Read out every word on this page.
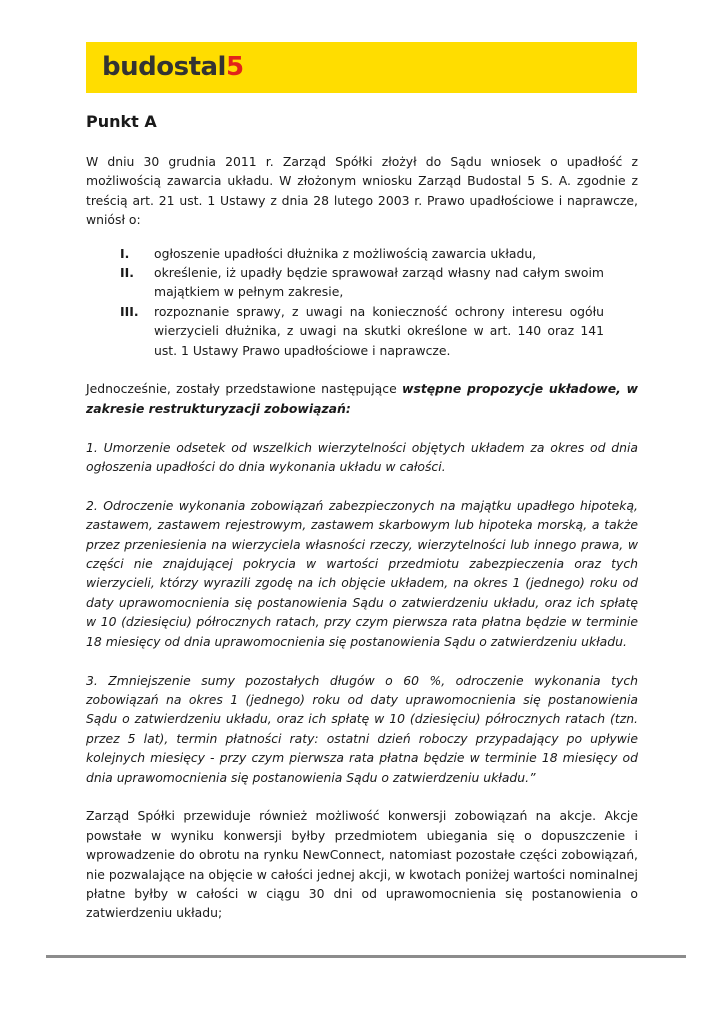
budostal5
Punkt A

W dniu 30 grudnia 2011 r. Zarząd Spółki złożył do Sądu wniosek o upadłość z możliwością zawarcia układu. W złożonym wniosku Zarząd Budostal 5 S. A. zgodnie z treścią art. 21 ust. 1 Ustawy z dnia 28 lutego 2003 r. Prawo upadłościowe i naprawcze, wniósł o:

I. ogłoszenie upadłości dłużnika z możliwością zawarcia układu,
II. określenie, iż upadły będzie sprawował zarząd własny nad całym swoim majątkiem w pełnym zakresie,
III. rozpoznanie sprawy, z uwagi na konieczność ochrony interesu ogółu wierzycieli dłużnika, z uwagi na skutki określone w art. 140 oraz 141 ust. 1 Ustawy Prawo upadłościowe i naprawcze.

Jednocześnie, zostały przedstawione następujące wstępne propozycje układowe, w zakresie restrukturyzacji zobowiązań:

1. Umorzenie odsetek od wszelkich wierzytelności objętych układem za okres od dnia ogłoszenia upadłości do dnia wykonania układu w całości.

2. Odroczenie wykonania zobowiązań zabezpieczonych na majątku upadłego hipoteką, zastawem, zastawem rejestrowym, zastawem skarbowym lub hipoteka morską, a także przez przeniesienia na wierzyciela własności rzeczy, wierzytelności lub innego prawa, w części nie znajdującej pokrycia w wartości przedmiotu zabezpieczenia oraz tych wierzycieli, którzy wyrazili zgodę na ich objęcie układem, na okres 1 (jednego) roku od daty uprawomocnienia się postanowienia Sądu o zatwierdzeniu układu, oraz ich spłatę w 10 (dziesięciu) półrocznych ratach, przy czym pierwsza rata płatna będzie w terminie 18 miesięcy od dnia uprawomocnienia się postanowienia Sądu o zatwierdzeniu układu.

3. Zmniejszenie sumy pozostałych długów o 60 %, odroczenie wykonania tych zobowiązań na okres 1 (jednego) roku od daty uprawomocnienia się postanowienia Sądu o zatwierdzeniu układu, oraz ich spłatę w 10 (dziesięciu) półrocznych ratach (tzn. przez 5 lat), termin płatności raty: ostatni dzień roboczy przypadający po upływie kolejnych miesięcy - przy czym pierwsza rata płatna będzie w terminie 18 miesięcy od dnia uprawomocnienia się postanowienia Sądu o zatwierdzeniu układu.”

Zarząd Spółki przewiduje również możliwość konwersji zobowiązań na akcje. Akcje powstałe w wyniku konwersji byłby przedmiotem ubiegania się o dopuszczenie i wprowadzenie do obrotu na rynku NewConnect, natomiast pozostałe części zobowiązań, nie pozwalające na objęcie w całości jednej akcji, w kwotach poniżej wartości nominalnej płatne byłby w całości w ciągu 30 dni od uprawomocnienia się postanowienia o zatwierdzeniu układu;
